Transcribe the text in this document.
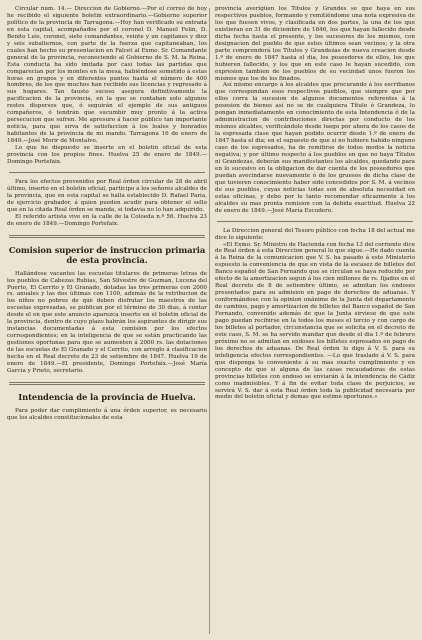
Circular núm. 14.— Direccion de Gobierno.—Por el correo de hoy he recibido el siguiente boletin extraordinario.—Gobierno superior político de la provincia de Tarragona.—Hoy han verificado su entrada en esta capital, acompañados por el coronel D. Manuel Felin, D. Benito Luis, coronel, siete comandantes, veinte y un capitanes y diez y seis subalternos, con parte de la fuerza que capitaneaban, los cuales han hecho su presentacion en Falcet al Exmo. Sr. Comandante general de la provincia, reconociendo al Gobierno de S. M. la Reina. Esta conducta ha sido imitada por casi todas las partidas que comparecian por los montes en la mesa, habiéndose sometido á estas horas en grupos y en diferentes puntos hasta el número de 400 hombres, de los que muchos han recibido sus licencias y regresado á sus hogares. Tan fausto suceso asegura definitivamente la pacificacion de la provincia, en la que se contaban solo algunos restos dispersos que, ó seguirán el ejemplo de sus antiguos compañeros, ó tendrán que sucumbir muy pronto á la activa persecucion que sufren. Me apresuro á hacer público tan importante noticia, para que sirva de satisfaccion á los leales y honrados habitantes de la provincia de mi mando. Tarragona 16 de enero de 1849.—José Morir de Montalvo.

Lo que he dispuesto se inserte en el boletin oficial de esta provincia con los propios fines. Huelva 25 de enero de 1849.—Domingo Portefaix.

Para los efectos prevenidos por Real órden circular de 28 de abril último, inserto en el boletin oficial, participo á los señores alcaldes de la provincia, que en esta capital se halla establecido D. Rafael Paria, de ejercicio grabador, á quien pueden acudir para obtener el sello que en la citada Real órden se manda, si todavia no lo han adquirido.

El referido artista vive en la calle de la Coloeda n.º 56. Huelva 23 de enero de 1849.—Domingo Portefaix.

Comision superior de instruccion primaria de esta provincia.

Hallándose vacantes las escuelas titulares de primeras letras de los pueblos de Cabezas Rubias, San Silvestre de Guzman, Lucena del Puerto, El Cerrito y El Granado, dotadas las tres primeras con 2000 rs. anuales y las dos últimas con 1100, además de la retribucion de los niños no pobres de que deben disfrutar los maestros de las escuelas expresadas, se publican por el término de 30 dias, á contar desde el en que este anuncio aparezca inserto en el boletin oficial de la provincia, dentro de cuyo plazo habrán los aspirantes de dirigir sus instancias documentadas á esta comision por los efectos correspondientes; en la inteligencia de que se están practicando las gestiones oportunas para que se aumenten á 2000 rs. las dotaciones de las escuelas de El Granado y el Cerrito, con arreglo á clasificacion hecha en el Real decreto de 23 de setiembre de 1847. Huelva 19 de enero de 1849.—El presidente, Domingo Portefaix.—José María Garcia y Prieto, secretario.

Intendencia de la provincia de Huelva.

Para poder dar cumplimiento á una órden superior, es necesario que los alcaldes constitucionales de esta

provincia averigüen los Títulos y Grandes se que haya en sus respectivos pueblos, formando y remitiéndome una nota expresiva de los que fuesen vivos, y clasificada en dos partes, la una de los que existieran en 31 de diciembre de 1846, los que hayan fallecido desde dicha fecha hasta el presente, y los sucesores de los mismos, con designacion del pueblo de que estos últimos sean vecinos; y la otra parte comprenderá los Títulos y Grandezas de nueva creacion desde 1.º de enero de 1847 hasta el dia, los poseedores de ellos, los que hubieren fallecido, y los que en este caso le hayan sucedido, con expresion tambien de los pueblos de su vecindad unos fueron los mismos que los de los finados.

Así mismo encargo á los alcaldes que procurando á los escribanos que correspondan esos respectivos pueblos, que siempre que por ellos corra la sucesion de algunos documentos referentes á la posesion de bienes así no se de cualquiera Título ó Grandeza, lo pongan inmediatamente en conocimiento de esta Intendencia ó de la administracion de contribuciones directas por conducto de los mismos alcaldes, verificándolo desde luego por ahora de los casos de la espresada clase que hayan podido ocurrir desde 1.º de enero de 1847 hasta el dia; en el supuesto de que si no hubiere habido ninguno caso de los espresados, ha de remitirse de todos modos la noticia negativa; y por último respecto á los pueblos en que no haya Títulos ni Grandezas, deberán sus manifestantes los alcaldes, quedando para en lo sucesivo en la obligacion de dar cuenta de los poseedores que puedan avecindarse nuevamente ó de los gruesos de dicha clase de que tuvieren conocimiento haber sido concedidos por S. M. á vecinos de sus pueblos, cuyas noticias todas son de absoluta necesidad en estas oficinas, y debo por lo tanto recomendar eficazmente á los alcaldes su mas pronta remision con la debida exactitud. Huelva 22 de enero de 1849.—José María Escudero.

La Direccion general del Tesoro público con fecha 18 del actual me dice lo siguiente:

«El Exmo. Sr. Ministro de Hacienda con fecha 13 del corriente dice de Real órden á esta Direccion general lo que sigue.—He dado cuenta á la Reina de la comunicacion que V. S. ha pasado á este Ministerio espuesto la conveniencia de que en vista de la escasez de billetes del Banco español de San Fernando que se circulan se haya reducido por efecto de la amortizacion segun á los cien millones de rs. fijados en el Real decreto de 8 de setiembre último, se admitan los endoses presentados para su admision en pago de derechos de aduanas. Y conformándose con la opinion unánime de la Junta del departamento de cambios, pago y amortizacion de billetes del Banco español de San Fernando, convenido además de que la Junta sirviese de que este pago puedan recibirse en la todos los meses el tercio y con cargo de los billetes al portador, circunstancia que se solicita en el decreto de este caso, S. M. se ha servido mandar que desde el dia 1.º de febrero próximo no se admitan en endoses los billetes espresados en pago de los derechos de aduanas. De Real órden lo digo á V. S. para su inteligencia efectos correspondientes. —Lo que traslado á V. S. para que disponga lo conveniente á su mas exacto cumplimiento y en concepto de que si alguna de las casas recaudadoras de estas provincias billetes con endoso se enviarán á la intendencia de Cádiz como inadmisibles. Y á fin de evitar toda clase de perjuicios, se servirá V. S. dar á esta Real órden toda la publicidad necesaria por medio del boletin oficial y demas que estime oportunos.»
